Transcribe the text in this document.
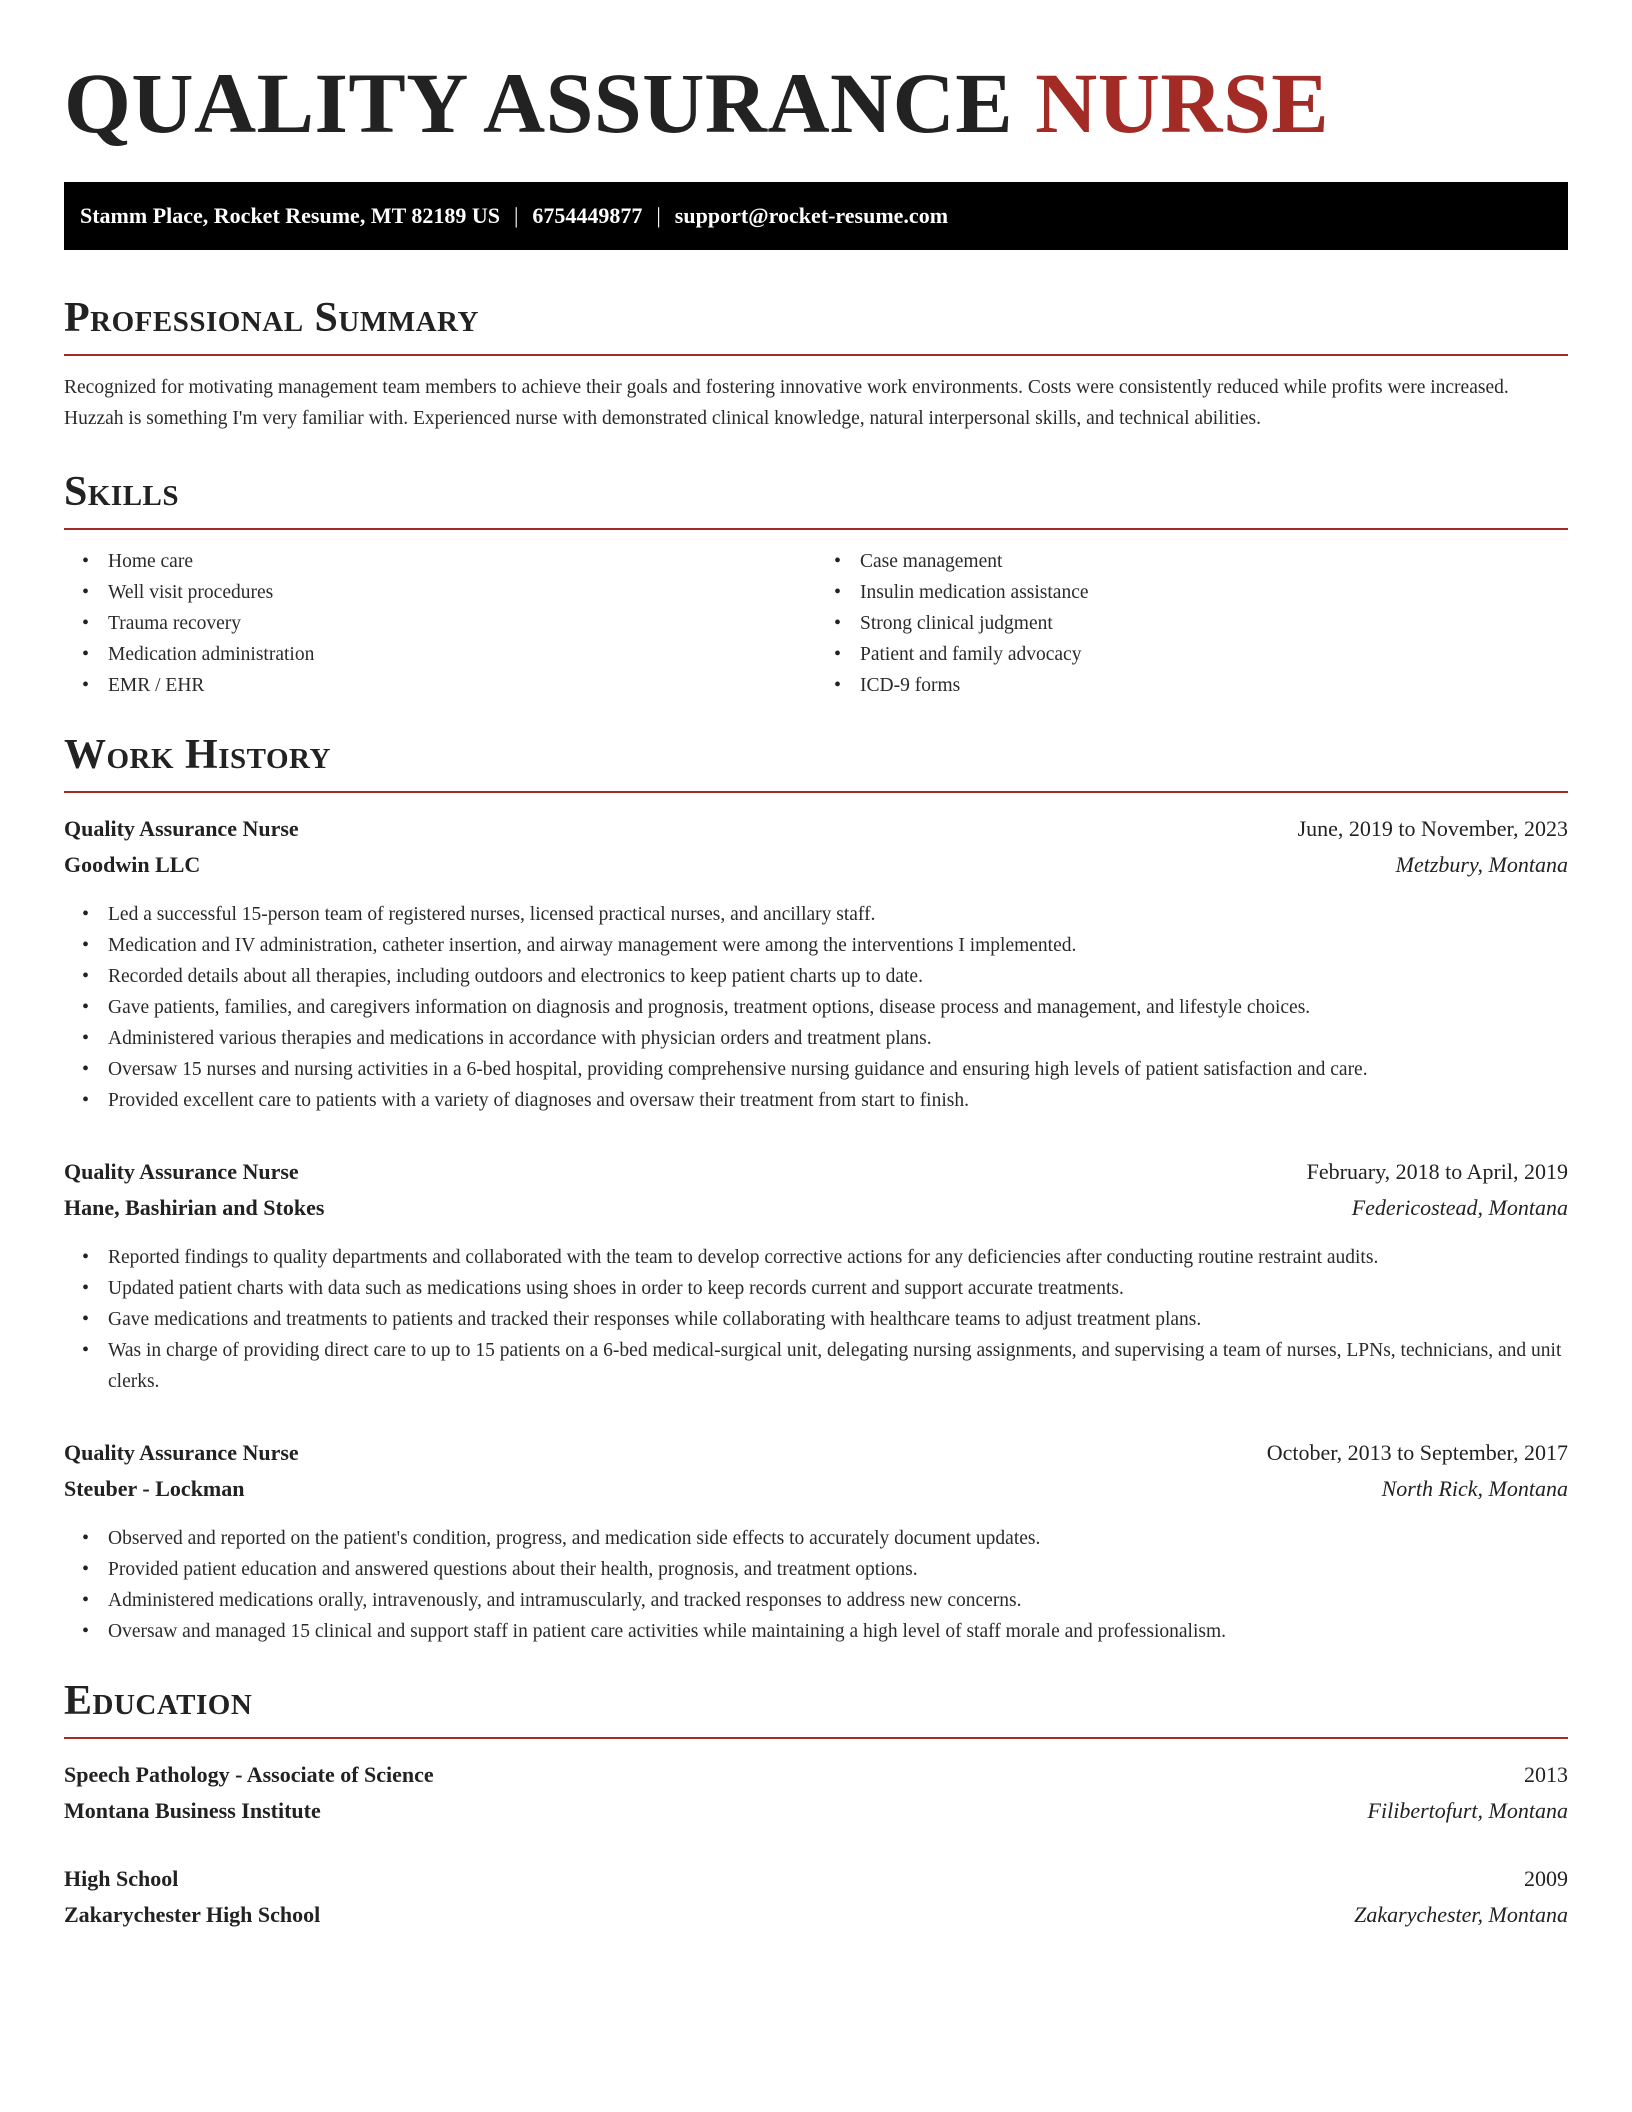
QUALITY ASSURANCE NURSE
Stamm Place, Rocket Resume, MT 82189 US | 6754449877 | support@rocket-resume.com
Professional Summary

Recognized for motivating management team members to achieve their goals and fostering innovative work environments. Costs were consistently reduced while profits were increased. Huzzah is something I'm very familiar with. Experienced nurse with demonstrated clinical knowledge, natural interpersonal skills, and technical abilities.

Skills
• Home care
• Well visit procedures
• Trauma recovery
• Medication administration
• EMR / EHR
• Case management
• Insulin medication assistance
• Strong clinical judgment
• Patient and family advocacy
• ICD-9 forms
Work History
Quality Assurance Nurse	June, 2019 to November, 2023
Goodwin LLC	Metzbury, Montana
• Led a successful 15-person team of registered nurses, licensed practical nurses, and ancillary staff.
• Medication and IV administration, catheter insertion, and airway management were among the interventions I implemented.
• Recorded details about all therapies, including outdoors and electronics to keep patient charts up to date.
• Gave patients, families, and caregivers information on diagnosis and prognosis, treatment options, disease process and management, and lifestyle choices.
• Administered various therapies and medications in accordance with physician orders and treatment plans.
• Oversaw 15 nurses and nursing activities in a 6-bed hospital, providing comprehensive nursing guidance and ensuring high levels of patient satisfaction and care.
• Provided excellent care to patients with a variety of diagnoses and oversaw their treatment from start to finish.
Quality Assurance Nurse	February, 2018 to April, 2019
Hane, Bashirian and Stokes	Federicostead, Montana
• Reported findings to quality departments and collaborated with the team to develop corrective actions for any deficiencies after conducting routine restraint audits.
• Updated patient charts with data such as medications using shoes in order to keep records current and support accurate treatments.
• Gave medications and treatments to patients and tracked their responses while collaborating with healthcare teams to adjust treatment plans.
• Was in charge of providing direct care to up to 15 patients on a 6-bed medical-surgical unit, delegating nursing assignments, and supervising a team of nurses, LPNs, technicians, and unit clerks.
Quality Assurance Nurse	October, 2013 to September, 2017
Steuber - Lockman	North Rick, Montana
• Observed and reported on the patient's condition, progress, and medication side effects to accurately document updates.
• Provided patient education and answered questions about their health, prognosis, and treatment options.
• Administered medications orally, intravenously, and intramuscularly, and tracked responses to address new concerns.
• Oversaw and managed 15 clinical and support staff in patient care activities while maintaining a high level of staff morale and professionalism.
Education
Speech Pathology - Associate of Science	2013
Montana Business Institute	Filibertofurt, Montana
High School	2009
Zakarychester High School	Zakarychester, Montana
